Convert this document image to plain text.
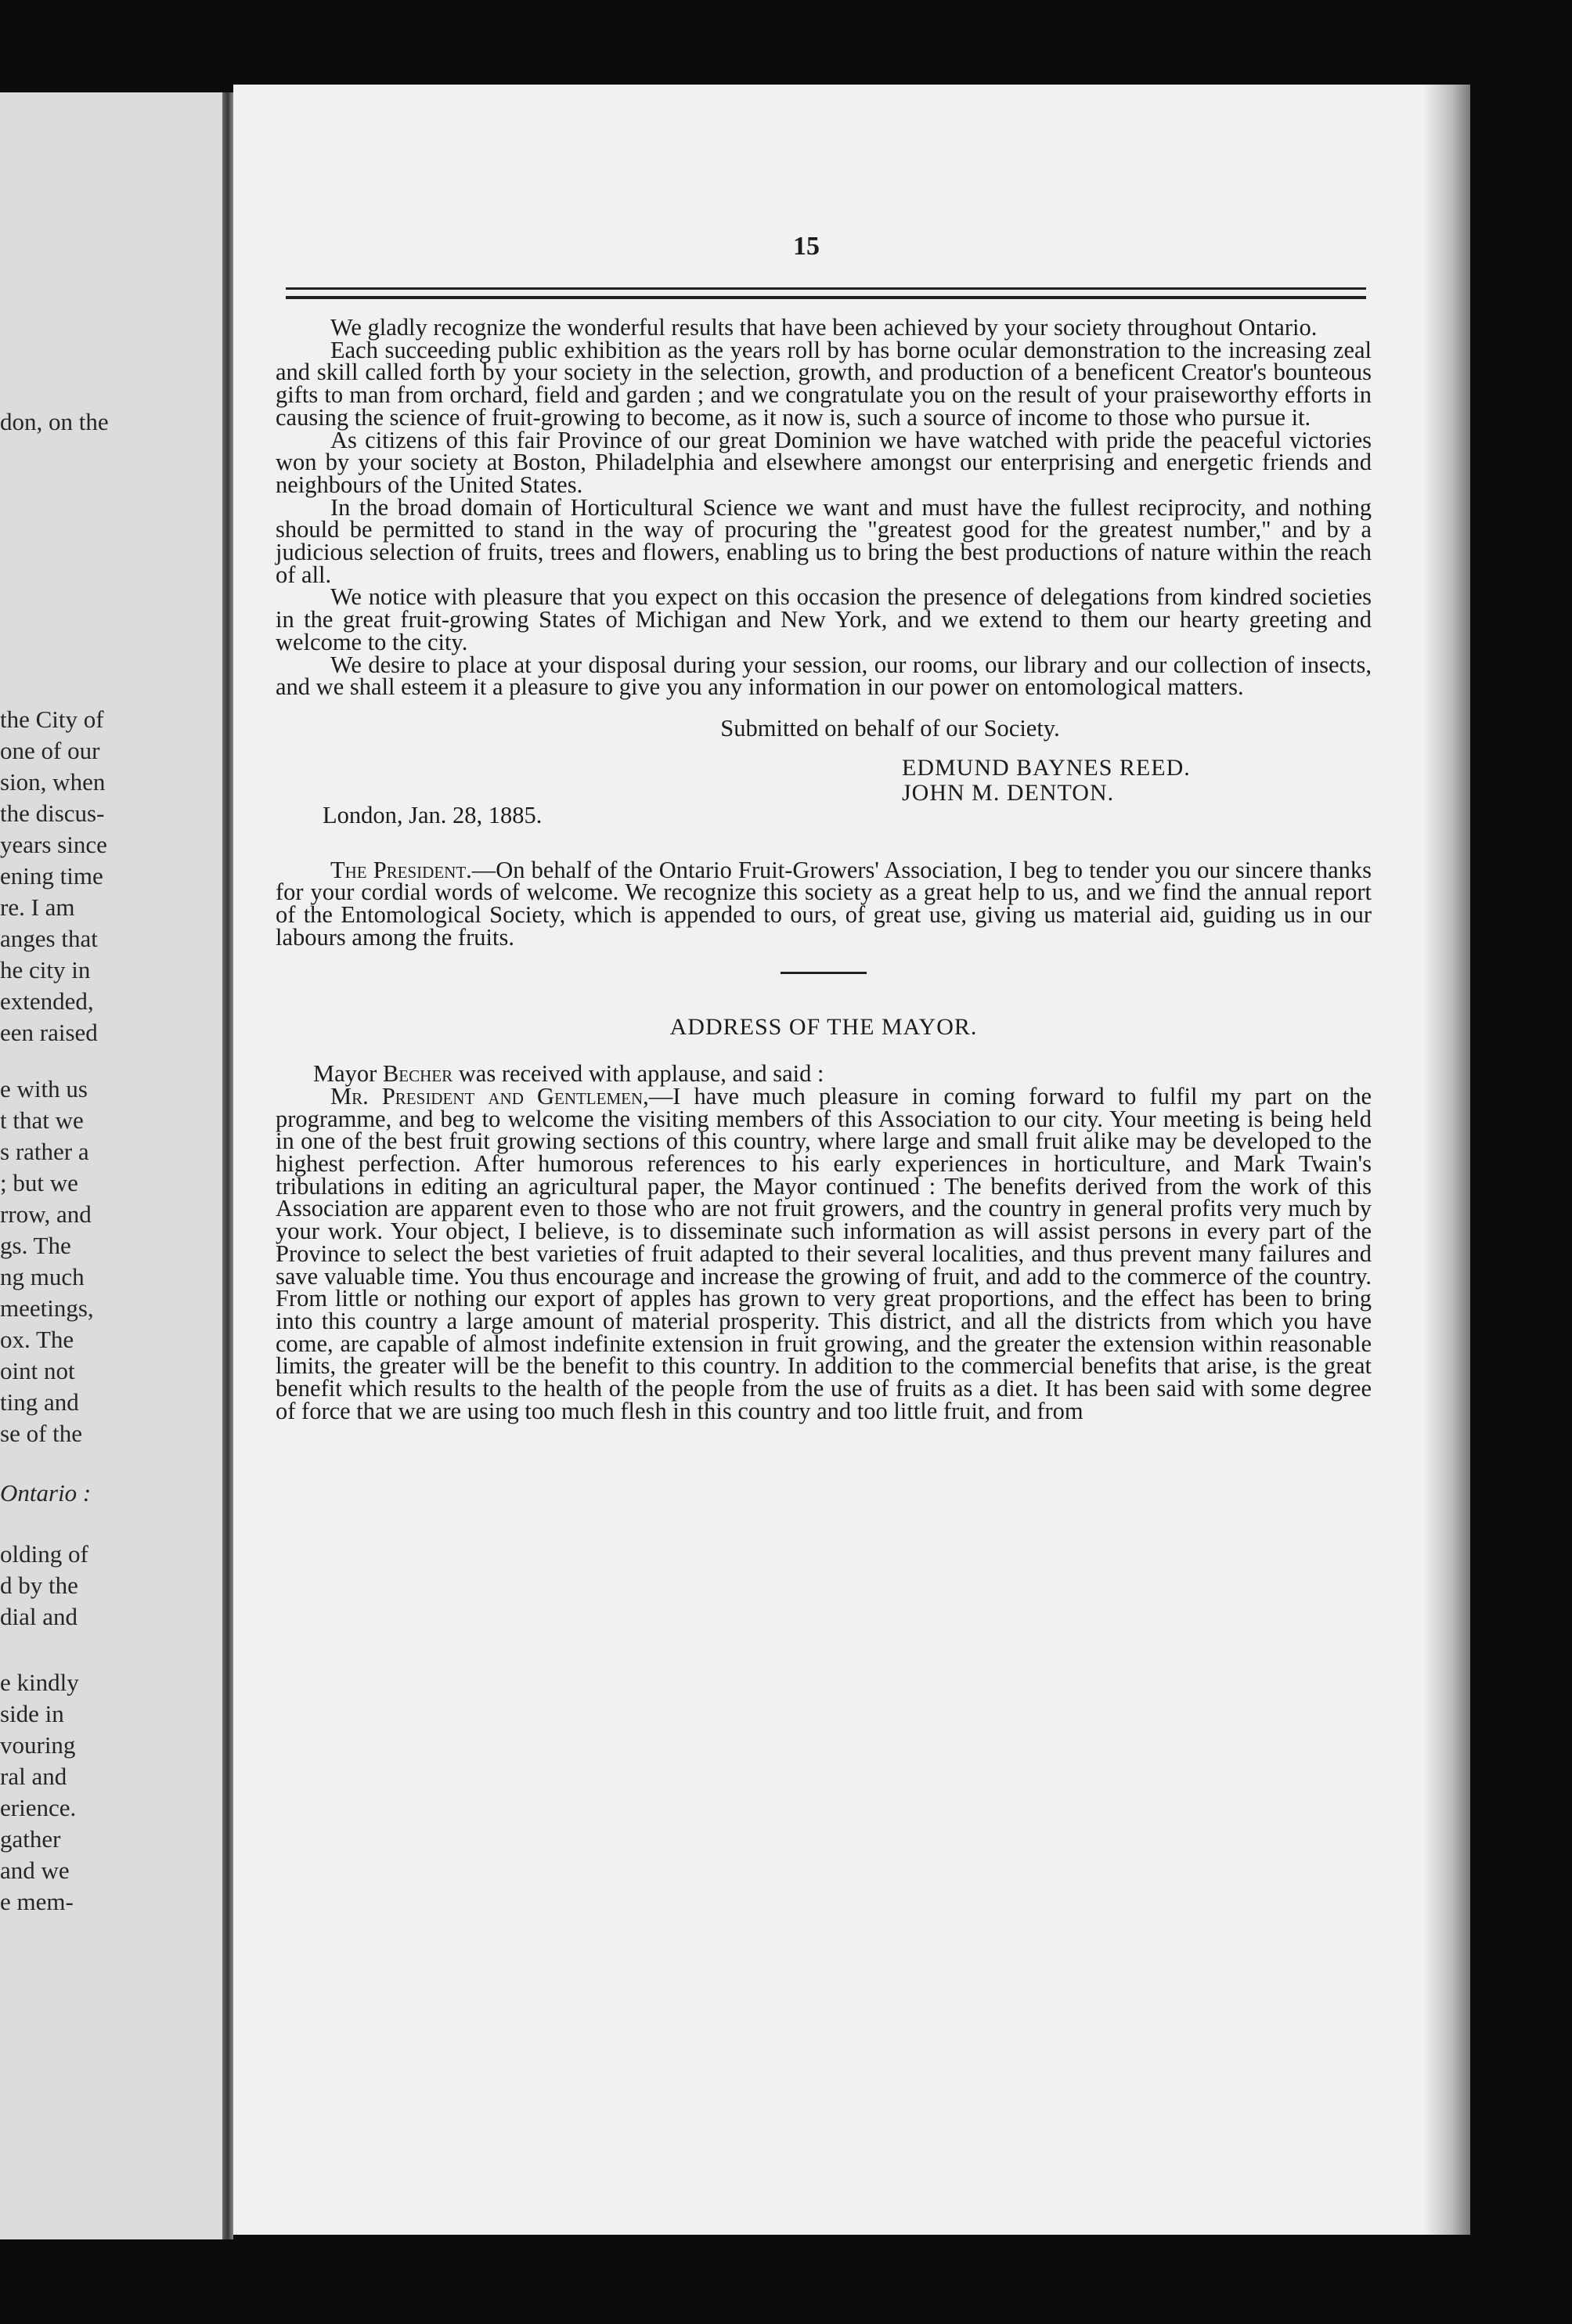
don, on the
the City of
one of our
sion, when
the discus-
years since
ening time
re. I am
anges that
he city in
extended,
een raised
e with us
t that we
s rather a
; but we
rrow, and
gs. The
ng much
meetings,
ox. The
oint not
ting and
se of the
Ontario :
olding of
d by the
dial and
e kindly
side in
vouring
ral and
erience.
gather
and we
e mem-
15

We gladly recognize the wonderful results that have been achieved by your society throughout Ontario.

Each succeeding public exhibition as the years roll by has borne ocular demonstration to the increasing zeal and skill called forth by your society in the selection, growth, and production of a beneficent Creator's bounteous gifts to man from orchard, field and garden ; and we congratulate you on the result of your praiseworthy efforts in causing the science of fruit-growing to become, as it now is, such a source of income to those who pursue it.

As citizens of this fair Province of our great Dominion we have watched with pride the peaceful victories won by your society at Boston, Philadelphia and elsewhere amongst our enterprising and energetic friends and neighbours of the United States.

In the broad domain of Horticultural Science we want and must have the fullest reciprocity, and nothing should be permitted to stand in the way of procuring the "greatest good for the greatest number," and by a judicious selection of fruits, trees and flowers, enabling us to bring the best productions of nature within the reach of all.

We notice with pleasure that you expect on this occasion the presence of delegations from kindred societies in the great fruit-growing States of Michigan and New York, and we extend to them our hearty greeting and welcome to the city.

We desire to place at your disposal during your session, our rooms, our library and our collection of insects, and we shall esteem it a pleasure to give you any information in our power on entomological matters.

Submitted on behalf of our Society.

EDMUND BAYNES REED.
JOHN M. DENTON.
London, Jan. 28, 1885.

The President.—On behalf of the Ontario Fruit-Growers' Association, I beg to tender you our sincere thanks for your cordial words of welcome. We recognize this society as a great help to us, and we find the annual report of the Entomological Society, which is appended to ours, of great use, giving us material aid, guiding us in our labours among the fruits.

ADDRESS OF THE MAYOR.

Mayor Becher was received with applause, and said :

Mr. President and Gentlemen,—I have much pleasure in coming forward to fulfil my part on the programme, and beg to welcome the visiting members of this Association to our city. Your meeting is being held in one of the best fruit growing sections of this country, where large and small fruit alike may be developed to the highest perfection. After humorous references to his early experiences in horticulture, and Mark Twain's tribulations in editing an agricultural paper, the Mayor continued : The benefits derived from the work of this Association are apparent even to those who are not fruit growers, and the country in general profits very much by your work. Your object, I believe, is to disseminate such information as will assist persons in every part of the Province to select the best varieties of fruit adapted to their several localities, and thus prevent many failures and save valuable time. You thus encourage and increase the growing of fruit, and add to the commerce of the country. From little or nothing our export of apples has grown to very great proportions, and the effect has been to bring into this country a large amount of material prosperity. This district, and all the districts from which you have come, are capable of almost indefinite extension in fruit growing, and the greater the extension within reasonable limits, the greater will be the benefit to this country. In addition to the commercial benefits that arise, is the great benefit which results to the health of the people from the use of fruits as a diet. It has been said with some degree of force that we are using too much flesh in this country and too little fruit, and from
